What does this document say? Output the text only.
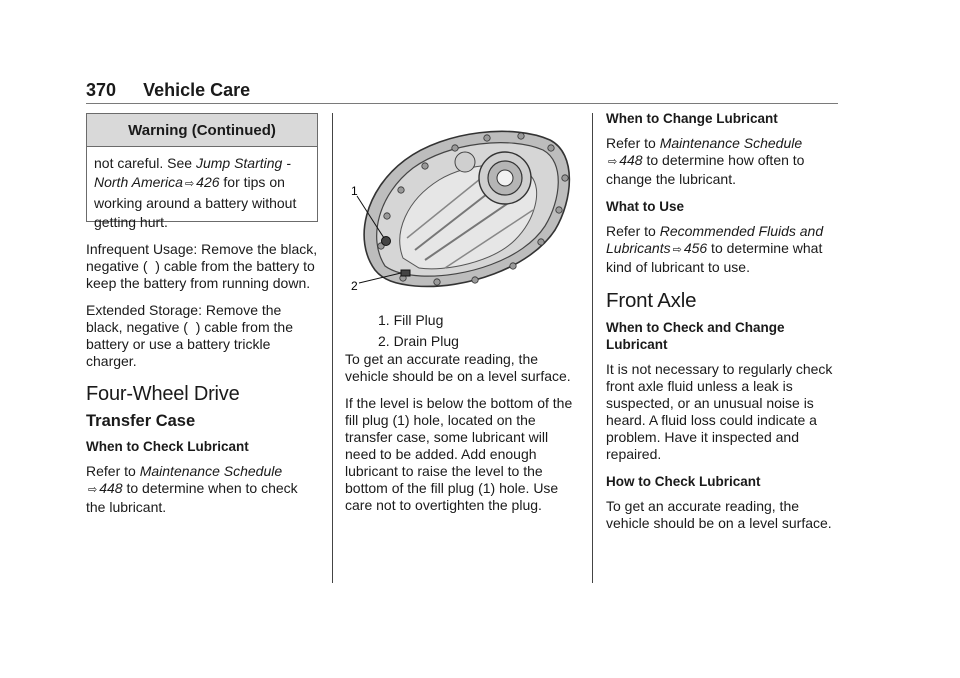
370 Vehicle Care
Warning (Continued)
not careful. See Jump Starting -
North America ⇨ 426 for tips on
working around a battery without
getting hurt.

Infrequent Usage: Remove the black, negative (  ) cable from the battery to keep the battery from running down.

Extended Storage: Remove the black, negative (  ) cable from the battery or use a battery trickle charger.

Four-Wheel Drive
Transfer Case
When to Check Lubricant

Refer to Maintenance Schedule
⇨ 448 to determine when to check the lubricant.

1
2
1. Fill Plug
2. Drain Plug

To get an accurate reading, the vehicle should be on a level surface.

If the level is below the bottom of the fill plug (1) hole, located on the transfer case, some lubricant will need to be added. Add enough lubricant to raise the level to the bottom of the fill plug (1) hole. Use care not to overtighten the plug.

When to Change Lubricant

Refer to Maintenance Schedule
⇨ 448 to determine how often to change the lubricant.

What to Use

Refer to Recommended Fluids and Lubricants ⇨ 456 to determine what kind of lubricant to use.

Front Axle
When to Check and Change Lubricant

It is not necessary to regularly check front axle fluid unless a leak is suspected, or an unusual noise is heard. A fluid loss could indicate a problem. Have it inspected and repaired.

How to Check Lubricant

To get an accurate reading, the vehicle should be on a level surface.
